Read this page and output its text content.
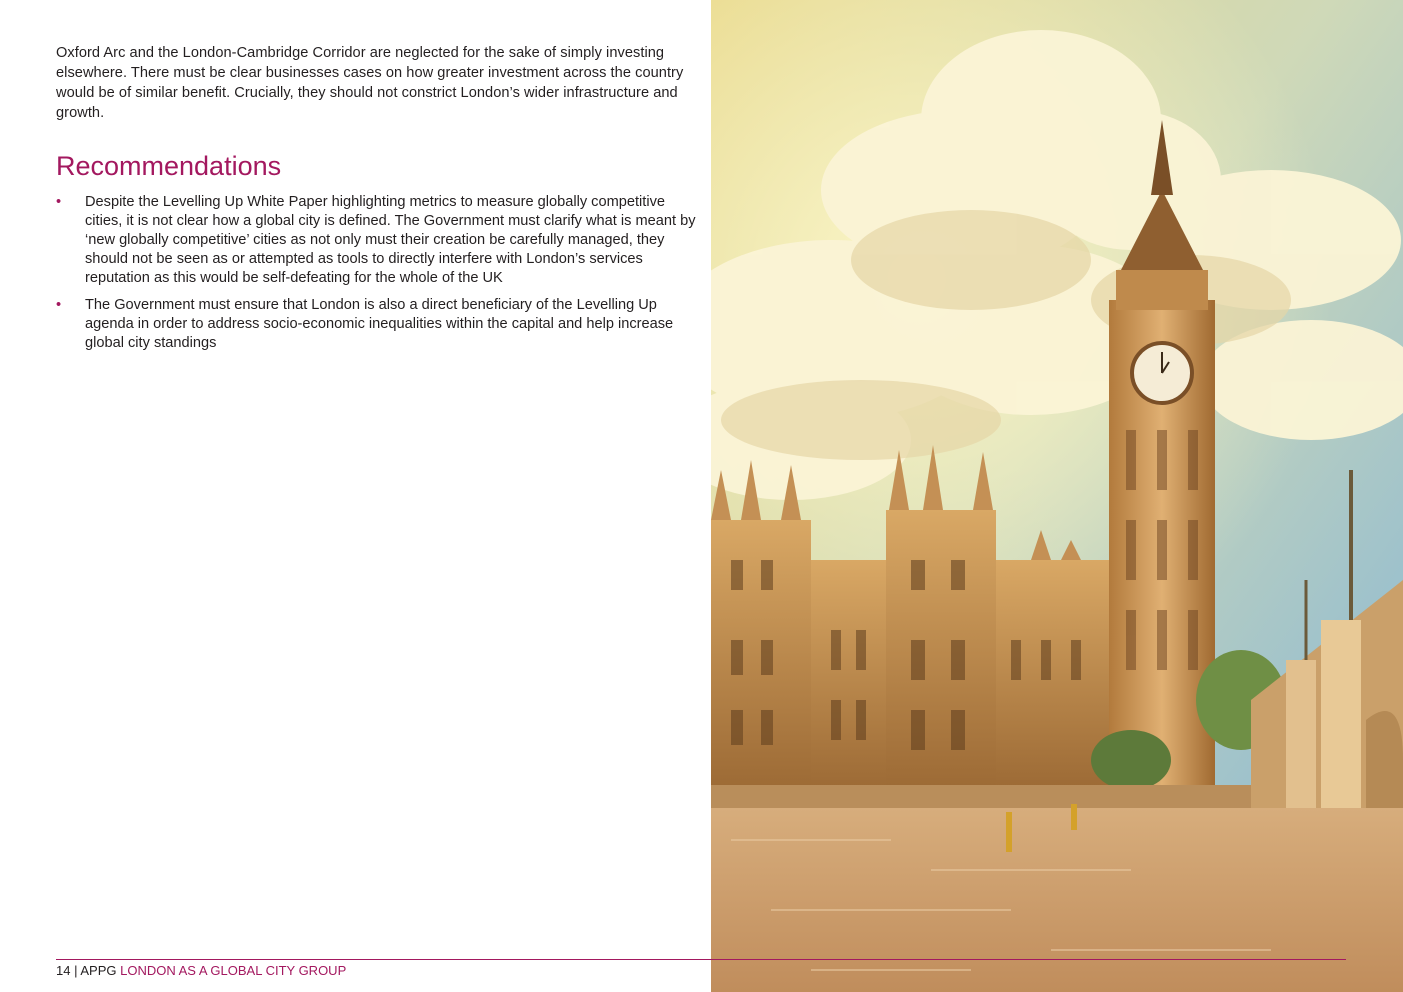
Oxford Arc and the London-Cambridge Corridor are neglected for the sake of simply investing elsewhere. There must be clear businesses cases on how greater investment across the country would be of similar benefit. Crucially, they should not constrict London’s wider infrastructure and growth.

Recommendations
• Despite the Levelling Up White Paper highlighting metrics to measure globally competitive cities, it is not clear how a global city is defined. The Government must clarify what is meant by ‘new globally competitive’ cities as not only must their creation be carefully managed, they should not be seen as or attempted as tools to directly interfere with London’s services reputation as this would be self-defeating for the whole of the UK
• The Government must ensure that London is also a direct beneficiary of the Levelling Up agenda in order to address socio-economic inequalities within the capital and help increase global city standings
14 | APPG LONDON AS A GLOBAL CITY GROUP
